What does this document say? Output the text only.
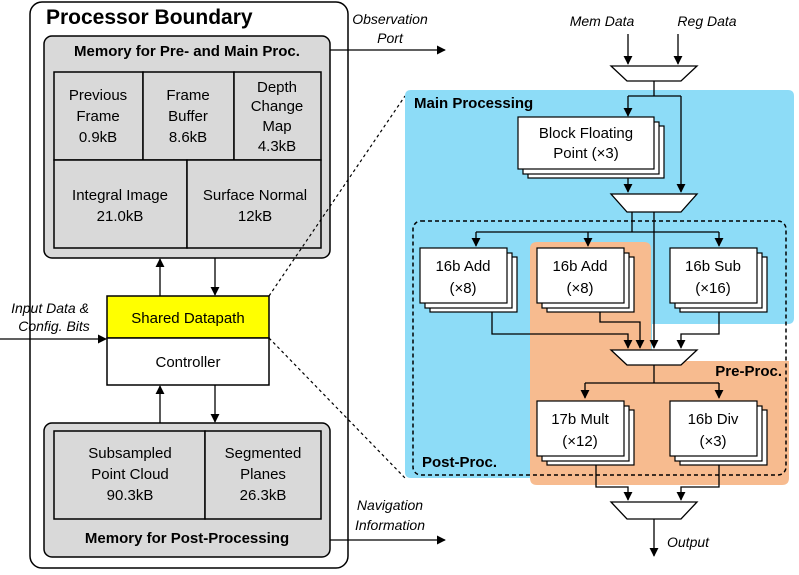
Processor Boundary
Memory for Pre- and Main Proc.
Previous
Frame
0.9kB
Frame
Buffer
8.6kB
Depth
Change
Map
4.3kB
Integral Image
21.0kB
Surface Normal
12kB
Shared Datapath
Controller
Subsampled
Point Cloud
90.3kB
Segmented
Planes
26.3kB
Memory for Post-Processing
Input Data &
Config. Bits
Observation
Port
Navigation
Information
Main Processing
Pre-Proc.
Post-Proc.
Mem Data	Reg Data
Block Floating
Point (×3)
16b Add
(×8)
16b Add
(×8)
16b Sub
(×16)
17b Mult
(×12)
16b Div
(×3)
Output
